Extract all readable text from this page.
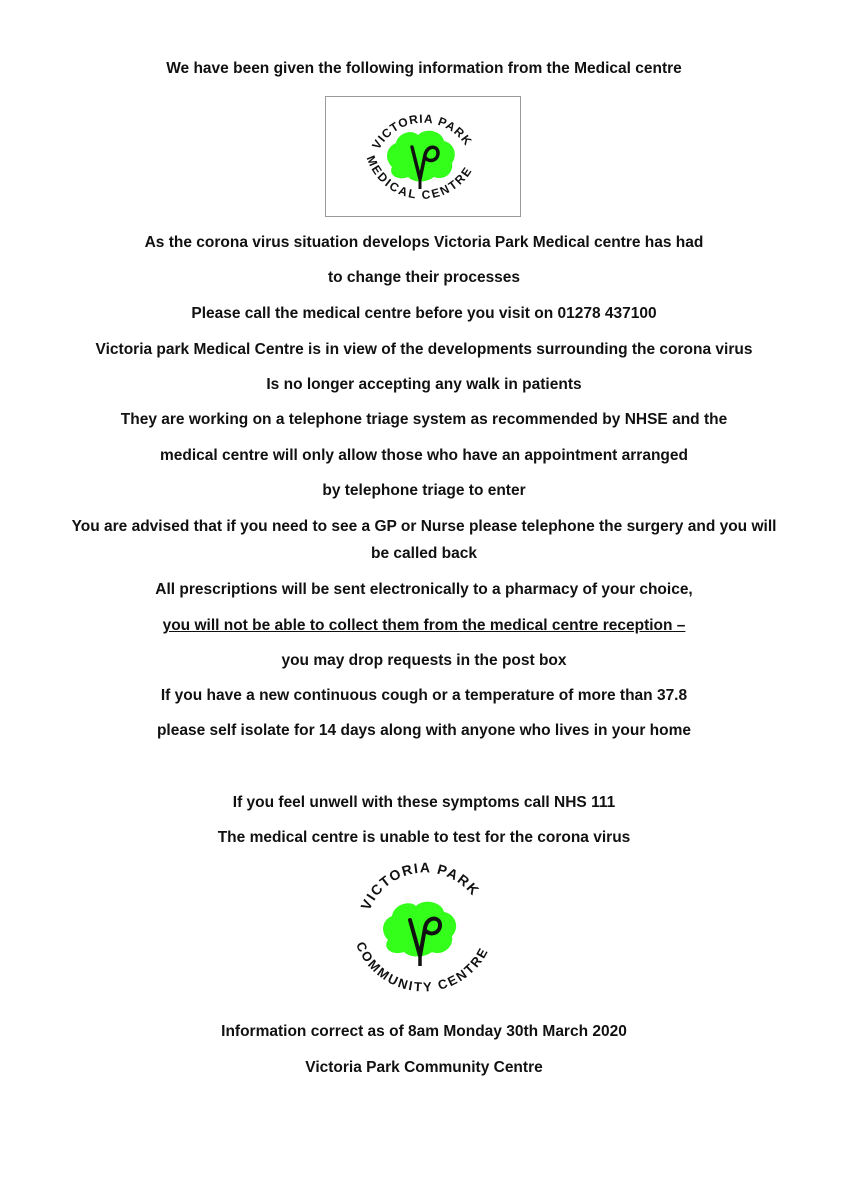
We have been given the following information from the Medical centre
VICTORIA PARK
MEDICAL CENTRE
As the corona virus situation develops Victoria Park Medical centre has had
to change their processes
Please call the medical centre before you visit on 01278 437100
Victoria park Medical Centre is in view of the developments surrounding the corona virus
Is no longer accepting any walk in patients
They are working on a telephone triage system as recommended by NHSE and the
medical centre will only allow those who have an appointment arranged
by telephone triage to enter
You are advised that if you need to see a GP or Nurse please telephone the surgery and you will
be called back
All prescriptions will be sent electronically to a pharmacy of your choice,
you will not be able to collect them from the medical centre reception –
you may drop requests in the post box
If you have a new continuous cough or a temperature of more than 37.8
please self isolate for 14 days along with anyone who lives in your home
If you feel unwell with these symptoms call NHS 111
The medical centre is unable to test for the corona virus
VICTORIA PARK
COMMUNITY CENTRE
Information correct as of 8am Monday 30th March 2020
Victoria Park Community Centre
